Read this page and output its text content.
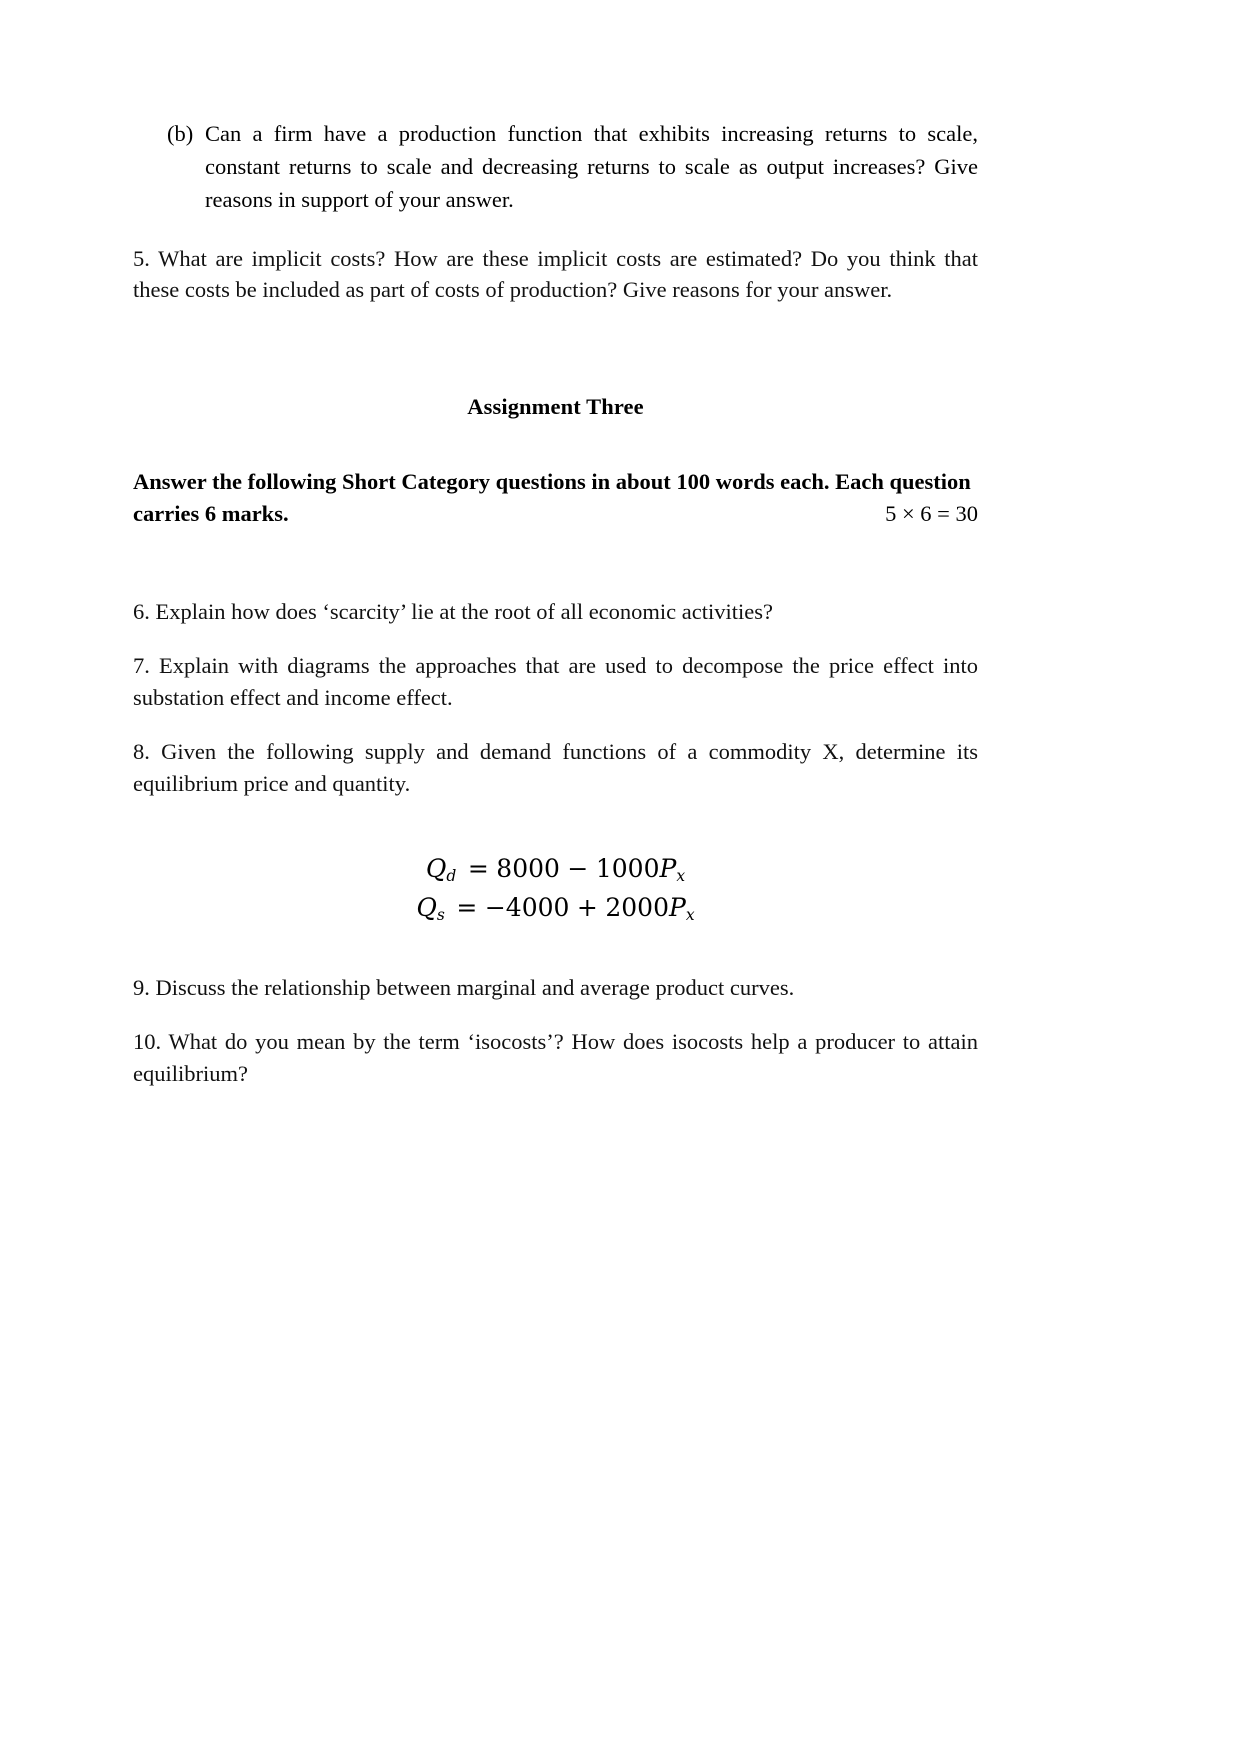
(b) Can a firm have a production function that exhibits increasing returns to scale, constant returns to scale and decreasing returns to scale as output increases? Give reasons in support of your answer.

5. What are implicit costs? How are these implicit costs are estimated? Do you think that these costs be included as part of costs of production? Give reasons for your answer.

Assignment Three
Answer the following Short Category questions in about 100 words each. Each question
carries 6 marks.	5 × 6 = 30

6. Explain how does ‘scarcity’ lie at the root of all economic activities?

7. Explain with diagrams the approaches that are used to decompose the price effect into substation effect and income effect.

8. Given the following supply and demand functions of a commodity X, determine its equilibrium price and quantity.

$Q_d = 8000 - 1000P_x$
$Q_s = -4000 + 2000P_x$

9. Discuss the relationship between marginal and average product curves.

10. What do you mean by the term ‘isocosts’? How does isocosts help a producer to attain equilibrium?
